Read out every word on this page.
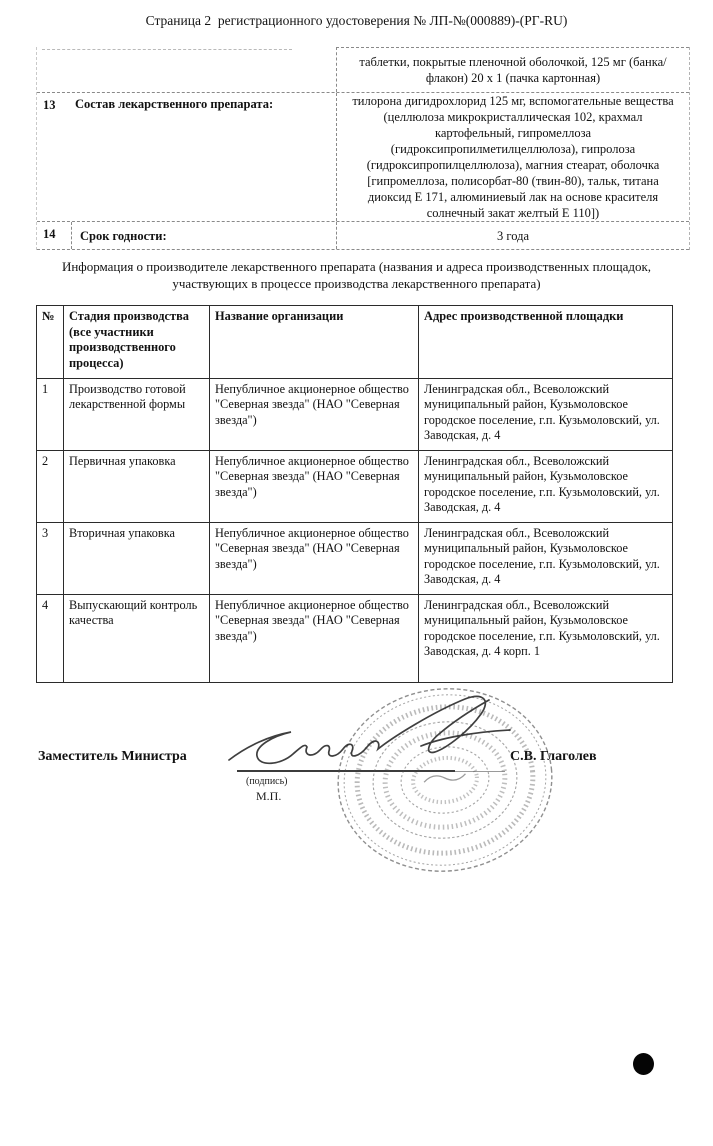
Страница 2  регистрационного удостоверения № ЛП-№(000889)-(РГ-RU)
таблетки, покрытые пленочной оболочкой, 125 мг (банка/флакон) 20 х 1 (пачка картонная)
13	Состав лекарственного препарата:	тилорона дигидрохлорид 125 мг, вспомогательные вещества (целлюлоза микрокристаллическая 102, крахмал картофельный, гипромеллоза (гидроксипропилметилцеллюлоза), гипролоза (гидроксипропилцеллюлоза), магния стеарат, оболочка [гипромеллоза, полисорбат-80 (твин-80), тальк, титана диоксид Е 171, алюминиевый лак на основе красителя солнечный закат желтый Е 110])
14	Срок годности:	3 года
Информация о производителе лекарственного препарата (названия и адреса производственных площадок, участвующих в процессе производства лекарственного препарата)
№	Стадия производства (все участники производственного процесса)	Название организации	Адрес производственной площадки
1	Производство готовой лекарственной формы	Непубличное акционерное общество "Северная звезда" (НАО "Северная звезда")	Ленинградская обл., Всеволожский муниципальный район, Кузьмоловское городское поселение, г.п. Кузьмоловский, ул. Заводская, д. 4
2	Первичная упаковка	Непубличное акционерное общество "Северная звезда" (НАО "Северная звезда")	Ленинградская обл., Всеволожский муниципальный район, Кузьмоловское городское поселение, г.п. Кузьмоловский, ул. Заводская, д. 4
3	Вторичная упаковка	Непубличное акционерное общество "Северная звезда" (НАО "Северная звезда")	Ленинградская обл., Всеволожский муниципальный район, Кузьмоловское городское поселение, г.п. Кузьмоловский, ул. Заводская, д. 4
4	Выпускающий контроль качества	Непубличное акционерное общество "Северная звезда" (НАО "Северная звезда")	Ленинградская обл., Всеволожский муниципальный район, Кузьмоловское городское поселение, г.п. Кузьмоловский, ул. Заводская, д. 4 корп. 1
Заместитель Министра
(подпись)
М.П.
С.В. Глаголев
